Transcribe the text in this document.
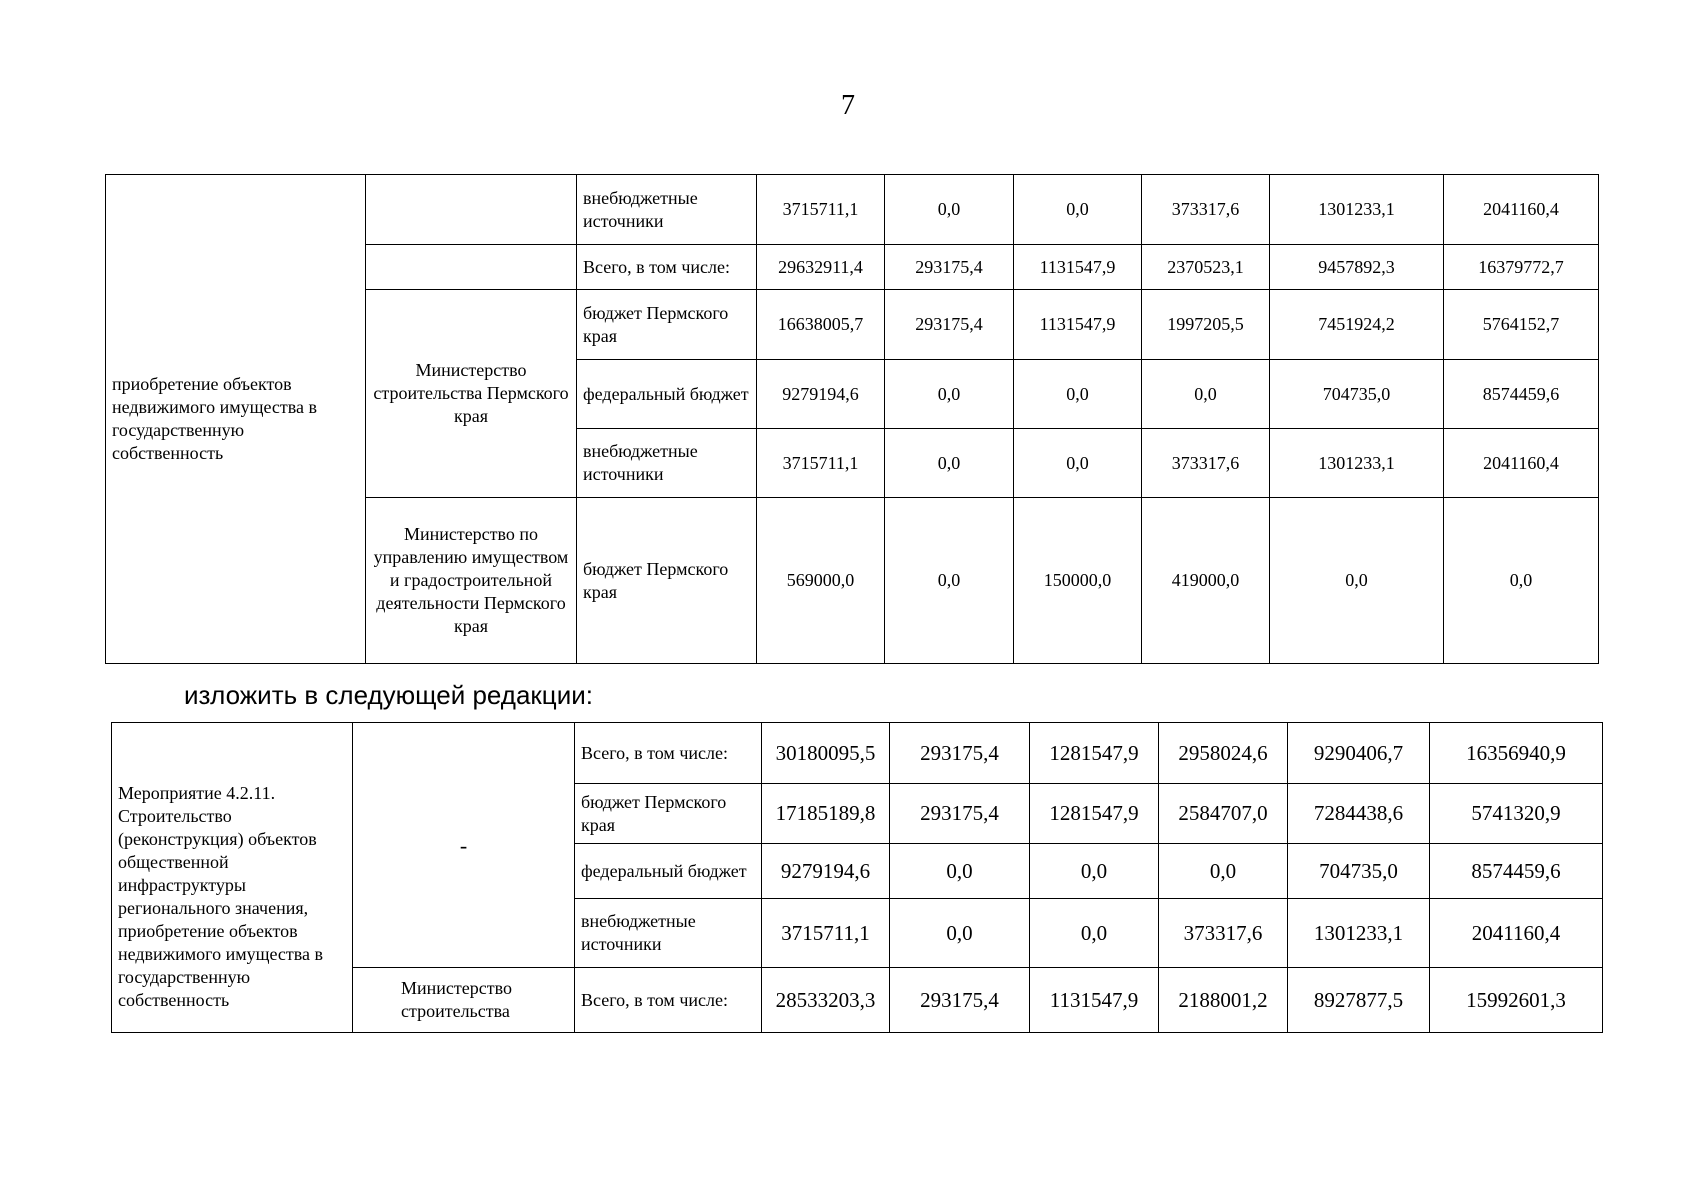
7
приобретение объектов недвижимого имущества в государственную собственность		внебюджетные источники	3715711,1	0,0	0,0	373317,6	1301233,1	2041160,4
		Всего, в том числе:	29632911,4	293175,4	1131547,9	2370523,1	9457892,3	16379772,7
	Министерство строительства Пермского края	бюджет Пермского края	16638005,7	293175,4	1131547,9	1997205,5	7451924,2	5764152,7
		федеральный бюджет	9279194,6	0,0	0,0	0,0	704735,0	8574459,6
		внебюджетные источники	3715711,1	0,0	0,0	373317,6	1301233,1	2041160,4
	Министерство по управлению имуществом и градостроительной деятельности Пермского края	бюджет Пермского края	569000,0	0,0	150000,0	419000,0	0,0	0,0
изложить в следующей редакции:
Мероприятие 4.2.11. Строительство (реконструкция) объектов общественной инфраструктуры регионального значения, приобретение объектов недвижимого имущества в государственную собственность	-	Всего, в том числе:	30180095,5	293175,4	1281547,9	2958024,6	9290406,7	16356940,9
		бюджет Пермского края	17185189,8	293175,4	1281547,9	2584707,0	7284438,6	5741320,9
		федеральный бюджет	9279194,6	0,0	0,0	0,0	704735,0	8574459,6
		внебюджетные источники	3715711,1	0,0	0,0	373317,6	1301233,1	2041160,4
	Министерство строительства	Всего, в том числе:	28533203,3	293175,4	1131547,9	2188001,2	8927877,5	15992601,3
